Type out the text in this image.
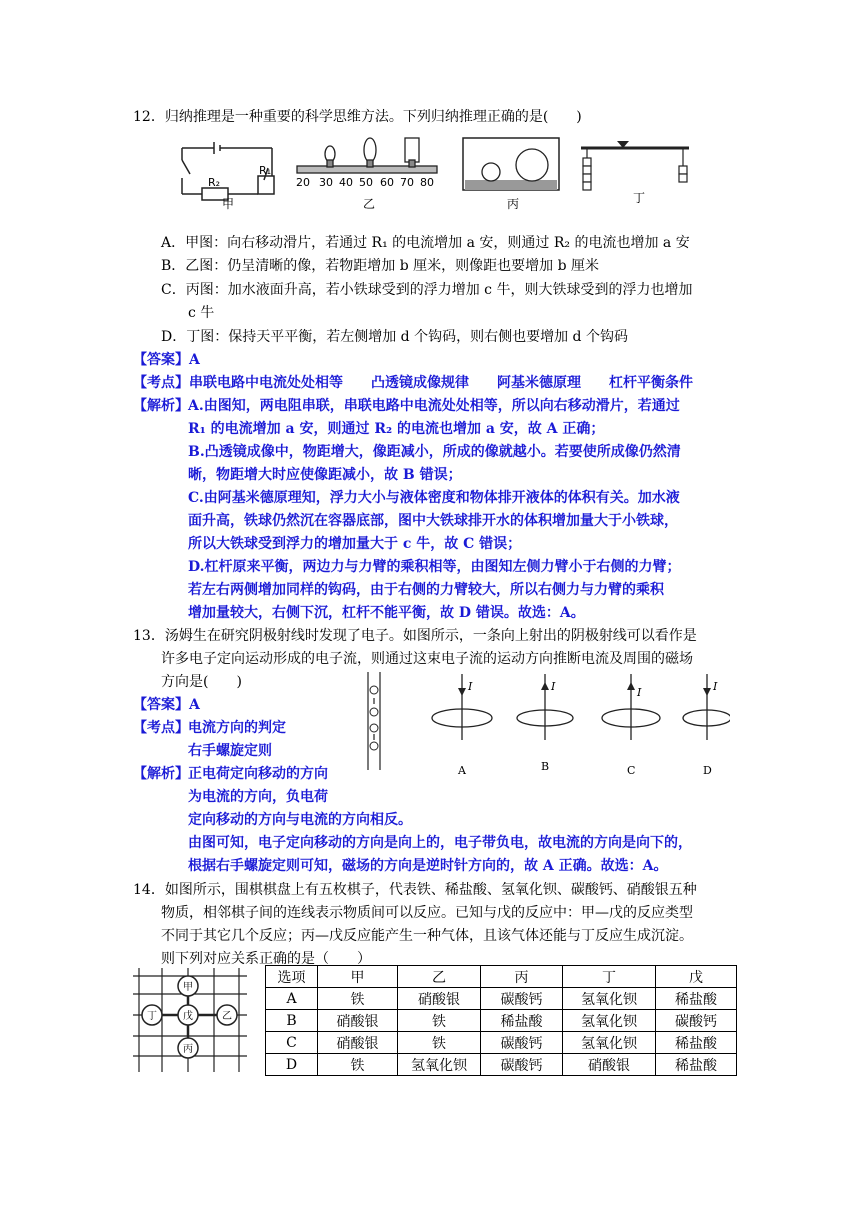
12．归纳推理是一种重要的科学思维方法。下列归纳推理正确的是(　　)
R₂
R₁
甲
20 30 40 50 60 70 80
乙	丙	丁
A．甲图：向右移动滑片，若通过 R₁ 的电流增加 a 安，则通过 R₂ 的电流也增加 a 安
B．乙图：仍呈清晰的像，若物距增加 b 厘米，则像距也要增加 b 厘米
C．丙图：加水液面升高，若小铁球受到的浮力增加 c 牛，则大铁球受到的浮力也增加
c 牛
D．丁图：保持天平平衡，若左侧增加 d 个钩码，则右侧也要增加 d 个钩码
【答案】A
【考点】串联电路中电流处处相等　　凸透镜成像规律　　阿基米德原理　　杠杆平衡条件
【解析】 A.由图知，两电阻串联，串联电路中电流处处相等，所以向右移动滑片，若通过
R₁ 的电流增加 a 安，则通过 R₂ 的电流也增加 a 安，故 A 正确；
B.凸透镜成像中，物距增大，像距减小，所成的像就越小。若要使所成像仍然清
晰，物距增大时应使像距减小，故 B 错误；
C.由阿基米德原理知，浮力大小与液体密度和物体排开液体的体积有关。加水液
面升高，铁球仍然沉在容器底部，图中大铁球排开水的体积增加量大于小铁球，
所以大铁球受到浮力的增加量大于 c 牛，故 C 错误；
D.杠杆原来平衡，两边力与力臂的乘积相等，由图知左侧力臂小于右侧的力臂；
若左右两侧增加同样的钩码，由于右侧的力臂较大，所以右侧力与力臂的乘积
增加量较大，右侧下沉，杠杆不能平衡，故 D 错误。故选：A。
13．汤姆生在研究阴极射线时发现了电子。如图所示，一条向上射出的阴极射线可以看作是
许多电子定向运动形成的电子流，则通过这束电子流的运动方向推断电流及周围的磁场
方向是(　　)
【答案】A
【考点】 电流方向的判定
右手螺旋定则
【解析】 正电荷定向移动的方向
为电流的方向，负电荷
定向移动的方向与电流的方向相反。
由图可知，电子定向移动的方向是向上的，电子带负电，故电流的方向是向下的，
根据右手螺旋定则可知，磁场的方向是逆时针方向的，故 A 正确。故选：A。
I	I	I	I
A	B	C	D
14．如图所示，围棋棋盘上有五枚棋子，代表铁、稀盐酸、氢氧化钡、碳酸钙、硝酸银五种
物质，相邻棋子间的连线表示物质间可以反应。已知与戊的反应中：甲—戊的反应类型
不同于其它几个反应；丙—戊反应能产生一种气体，且该气体还能与丁反应生成沉淀。
则下列对应关系正确的是（　　）
甲
丁	戊	乙
丙
选项	甲	乙	丙	丁	戊
A	铁	硝酸银	碳酸钙	氢氧化钡	稀盐酸
B	硝酸银	铁	稀盐酸	氢氧化钡	碳酸钙
C	硝酸银	铁	碳酸钙	氢氧化钡	稀盐酸
D	铁	氢氧化钡	碳酸钙	硝酸银	稀盐酸
